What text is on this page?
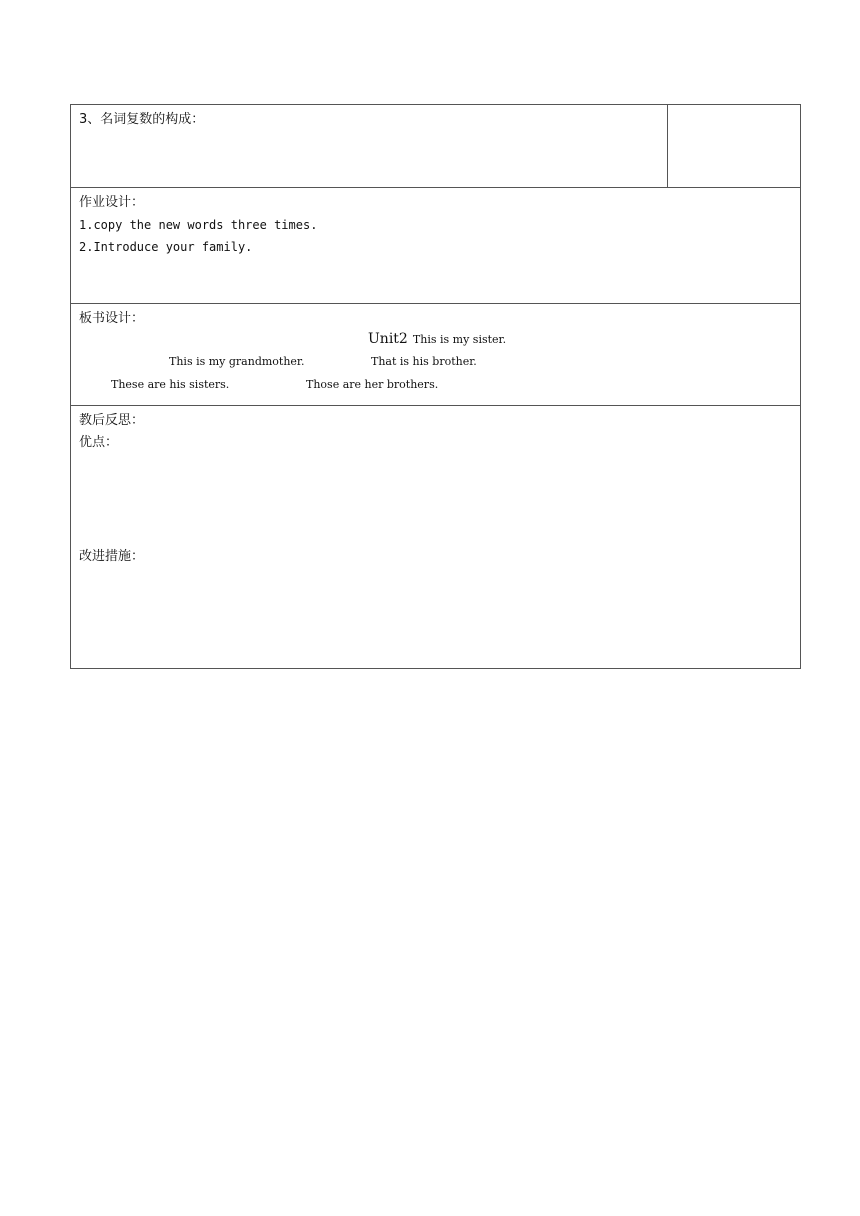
3、名词复数的构成：
作业设计：
1.copy the new words three times.
2.Introduce your family.
板书设计：
Unit2 This is my sister.
This is my grandmother.	That is his brother.
These are his sisters.	Those are her brothers.
教后反思：
优点：
改进措施：
